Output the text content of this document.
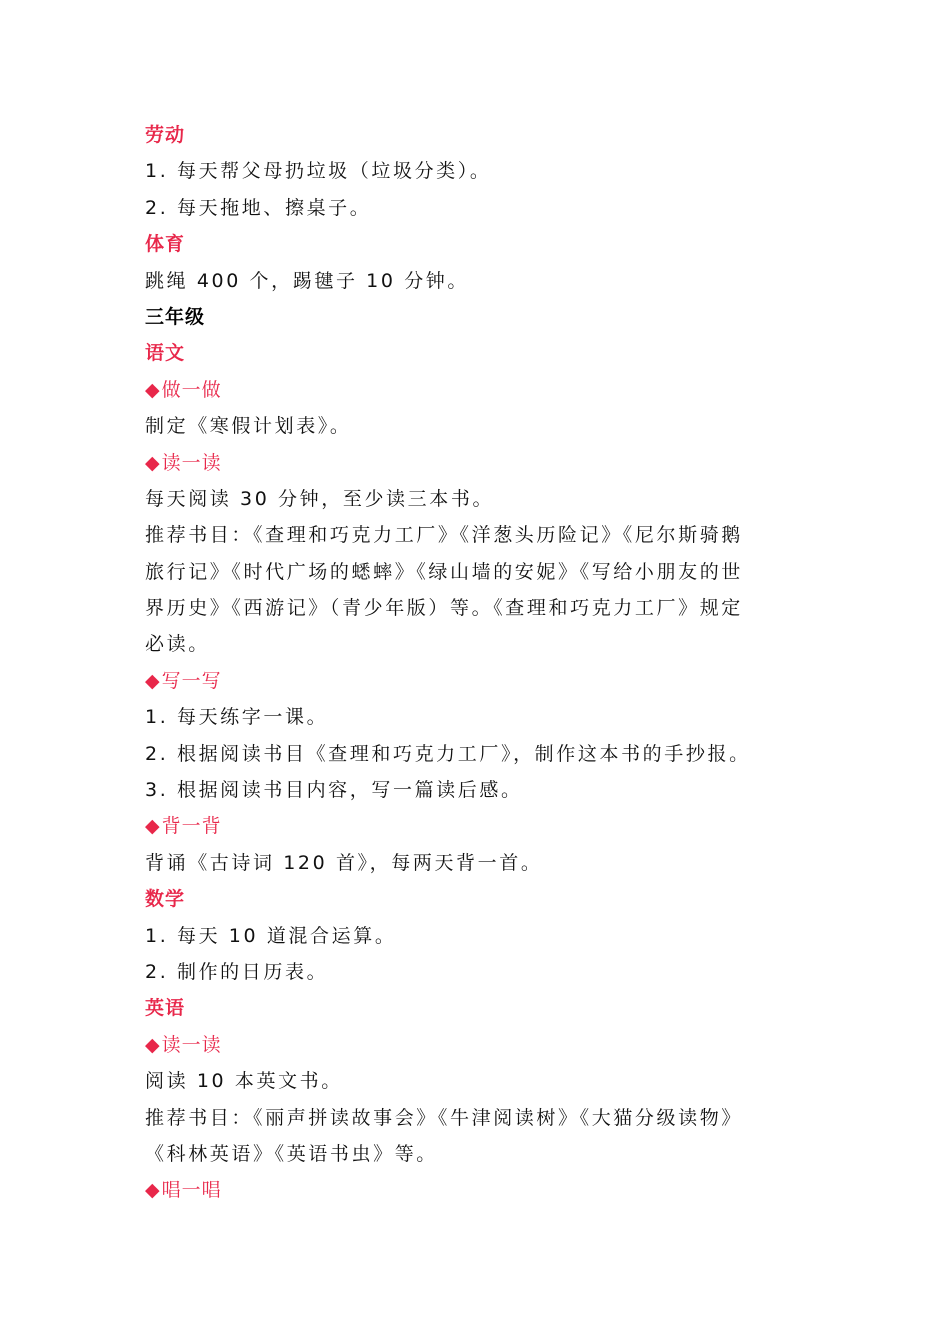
劳动
1. 每天帮父母扔垃圾（垃圾分类）。
2. 每天拖地、擦桌子。
体育
跳绳 400 个，踢毽子 10 分钟。
三年级
语文
◆做一做
制定《寒假计划表》。
◆读一读
每天阅读 30 分钟，至少读三本书。
推荐书目：《查理和巧克力工厂》《洋葱头历险记》《尼尔斯骑鹅
旅行记》《时代广场的蟋蟀》《绿山墙的安妮》《写给小朋友的世
界历史》《西游记》（青少年版）等。《查理和巧克力工厂》规定
必读。
◆写一写
1. 每天练字一课。
2. 根据阅读书目《查理和巧克力工厂》，制作这本书的手抄报。
3. 根据阅读书目内容，写一篇读后感。
◆背一背
背诵《古诗词 120 首》，每两天背一首。
数学
1. 每天 10 道混合运算。
2. 制作的日历表。
英语
◆读一读
阅读 10 本英文书。
推荐书目：《丽声拼读故事会》《牛津阅读树》《大猫分级读物》
《科林英语》《英语书虫》等。
◆唱一唱
